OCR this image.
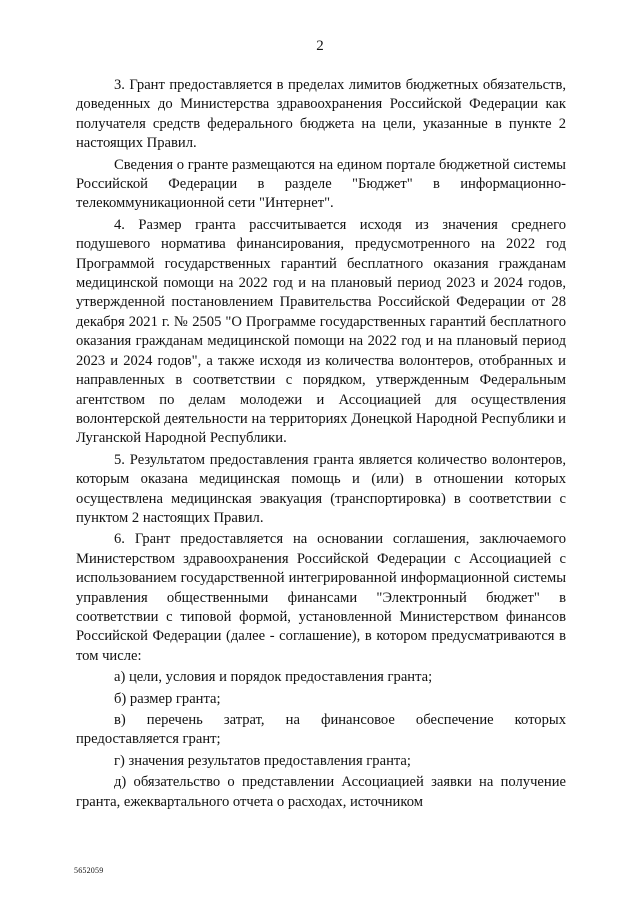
2

3. Грант предоставляется в пределах лимитов бюджетных обязательств, доведенных до Министерства здравоохранения Российской Федерации как получателя средств федерального бюджета на цели, указанные в пункте 2 настоящих Правил.

Сведения о гранте размещаются на едином портале бюджетной системы Российской Федерации в разделе "Бюджет" в информационно-телекоммуникационной сети "Интернет".

4. Размер гранта рассчитывается исходя из значения среднего подушевого норматива финансирования, предусмотренного на 2022 год Программой государственных гарантий бесплатного оказания гражданам медицинской помощи на 2022 год и на плановый период 2023 и 2024 годов, утвержденной постановлением Правительства Российской Федерации от 28 декабря 2021 г. № 2505 "О Программе государственных гарантий бесплатного оказания гражданам медицинской помощи на 2022 год и на плановый период 2023 и 2024 годов", а также исходя из количества волонтеров, отобранных и направленных в соответствии с порядком, утвержденным Федеральным агентством по делам молодежи и Ассоциацией для осуществления волонтерской деятельности на территориях Донецкой Народной Республики и Луганской Народной Республики.

5. Результатом предоставления гранта является количество волонтеров, которым оказана медицинская помощь и (или) в отношении которых осуществлена медицинская эвакуация (транспортировка) в соответствии с пунктом 2 настоящих Правил.

6. Грант предоставляется на основании соглашения, заключаемого Министерством здравоохранения Российской Федерации с Ассоциацией с использованием государственной интегрированной информационной системы управления общественными финансами "Электронный бюджет" в соответствии с типовой формой, установленной Министерством финансов Российской Федерации (далее - соглашение), в котором предусматриваются в том числе:

а) цели, условия и порядок предоставления гранта;

б) размер гранта;

в) перечень затрат, на финансовое обеспечение которых предоставляется грант;

г) значения результатов предоставления гранта;

д) обязательство о представлении Ассоциацией заявки на получение гранта, ежеквартального отчета о расходах, источником

5652059
